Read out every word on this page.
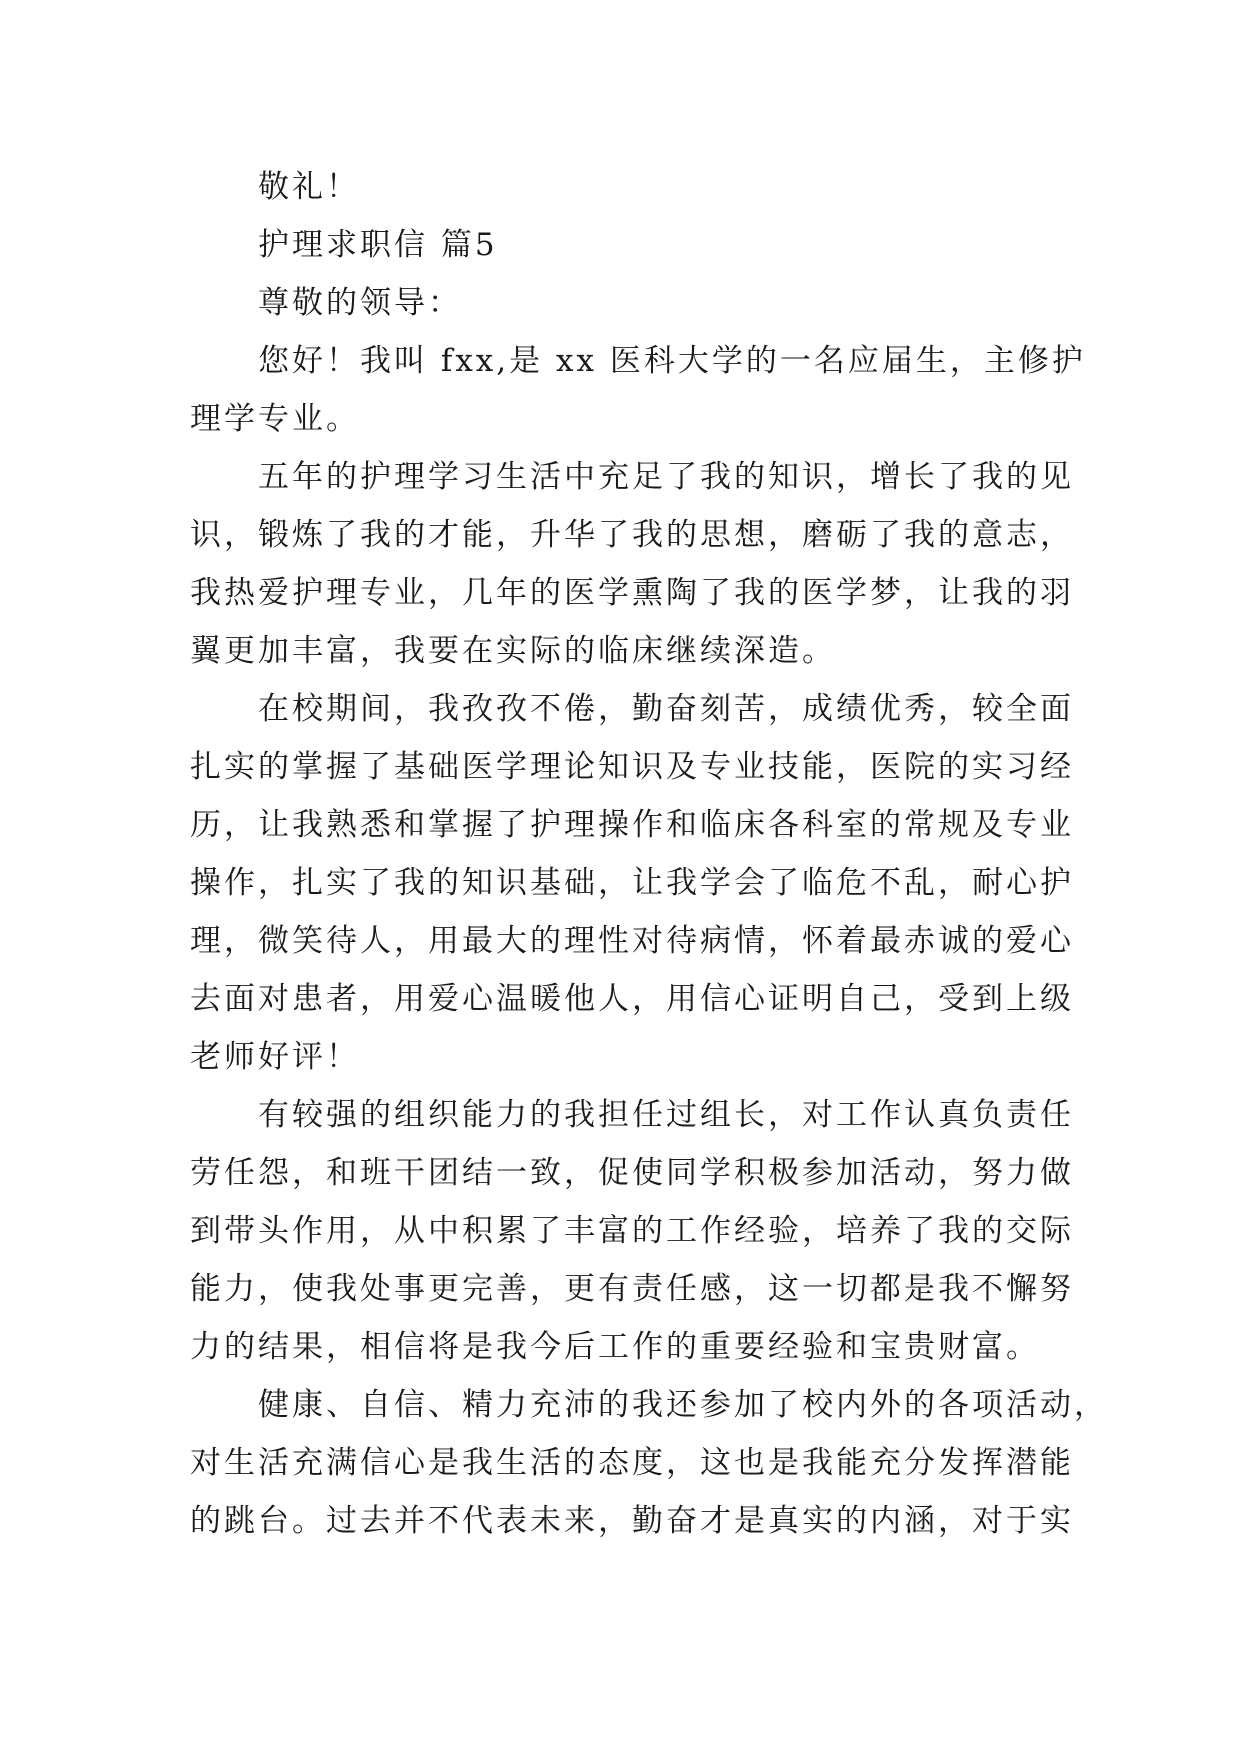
敬礼！

护理求职信 篇5

尊敬的领导：

您好！我叫 fxx,是 xx 医科大学的一名应届生，主修护

理学专业。

五年的护理学习生活中充足了我的知识，增长了我的见

识，锻炼了我的才能，升华了我的思想，磨砺了我的意志，

我热爱护理专业，几年的医学熏陶了我的医学梦，让我的羽

翼更加丰富，我要在实际的临床继续深造。

在校期间，我孜孜不倦，勤奋刻苦，成绩优秀，较全面

扎实的掌握了基础医学理论知识及专业技能，医院的实习经

历，让我熟悉和掌握了护理操作和临床各科室的常规及专业

操作，扎实了我的知识基础，让我学会了临危不乱，耐心护

理，微笑待人，用最大的理性对待病情，怀着最赤诚的爱心

去面对患者，用爱心温暖他人，用信心证明自己，受到上级

老师好评！

有较强的组织能力的我担任过组长，对工作认真负责任

劳任怨，和班干团结一致，促使同学积极参加活动，努力做

到带头作用，从中积累了丰富的工作经验，培养了我的交际

能力，使我处事更完善，更有责任感，这一切都是我不懈努

力的结果，相信将是我今后工作的重要经验和宝贵财富。

健康、自信、精力充沛的我还参加了校内外的各项活动，

对生活充满信心是我生活的态度，这也是我能充分发挥潜能

的跳台。过去并不代表未来，勤奋才是真实的内涵，对于实
